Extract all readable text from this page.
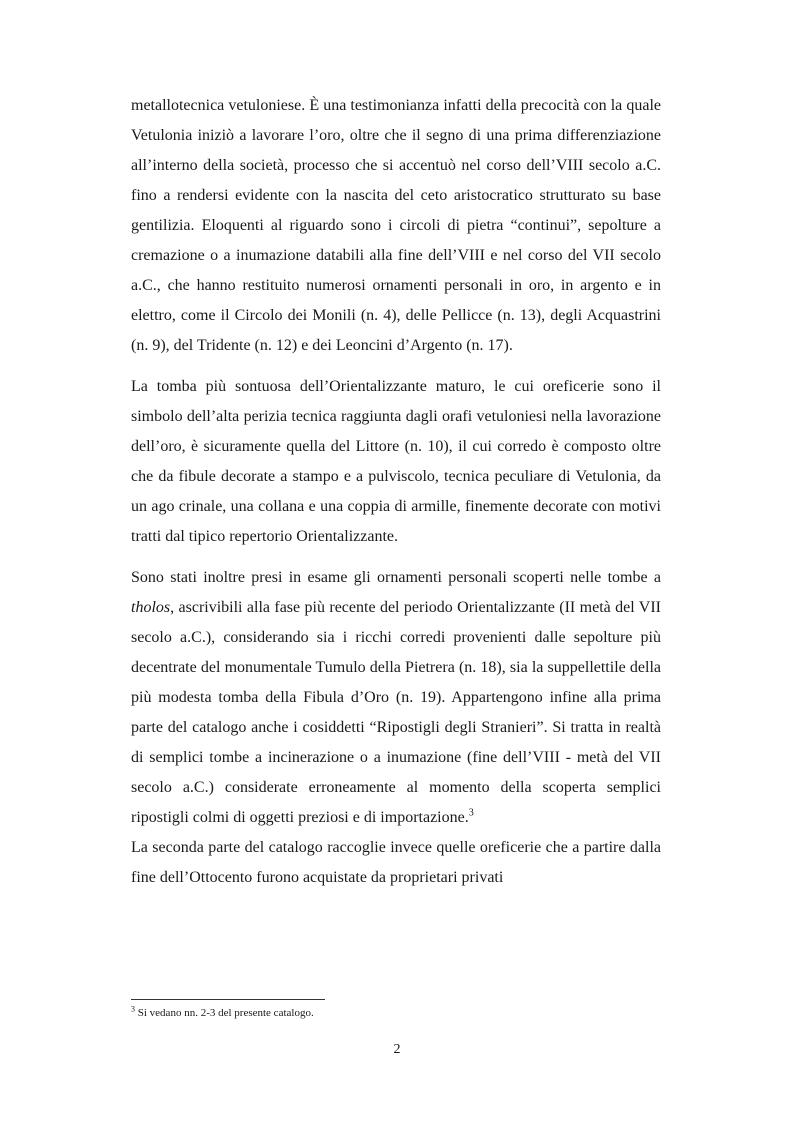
metallotecnica vetuloniese. È una testimonianza infatti della precocità con la quale Vetulonia iniziò a lavorare l’oro, oltre che il segno di una prima differenziazione all’interno della società, processo che si accentuò nel corso dell’VIII secolo a.C. fino a rendersi evidente con la nascita del ceto aristocratico strutturato su base gentilizia. Eloquenti al riguardo sono i circoli di pietra “continui”, sepolture a cremazione o a inumazione databili alla fine dell’VIII e nel corso del VII secolo a.C., che hanno restituito numerosi ornamenti personali in oro, in argento e in elettro, come il Circolo dei Monili (n. 4), delle Pellicce (n. 13), degli Acquastrini (n. 9), del Tridente (n. 12) e dei Leoncini d’Argento (n. 17).

La tomba più sontuosa dell’Orientalizzante maturo, le cui oreficerie sono il simbolo dell’alta perizia tecnica raggiunta dagli orafi vetuloniesi nella lavorazione dell’oro, è sicuramente quella del Littore (n. 10), il cui corredo è composto oltre che da fibule decorate a stampo e a pulviscolo, tecnica peculiare di Vetulonia, da un ago crinale, una collana e una coppia di armille, finemente decorate con motivi tratti dal tipico repertorio Orientalizzante.

Sono stati inoltre presi in esame gli ornamenti personali scoperti nelle tombe a tholos, ascrivibili alla fase più recente del periodo Orientalizzante (II metà del VII secolo a.C.), considerando sia i ricchi corredi provenienti dalle sepolture più decentrate del monumentale Tumulo della Pietrera (n. 18), sia la suppellettile della più modesta tomba della Fibula d’Oro (n. 19). Appartengono infine alla prima parte del catalogo anche i cosiddetti “Ripostigli degli Stranieri”. Si tratta in realtà di semplici tombe a incinerazione o a inumazione (fine dell’VIII - metà del VII secolo a.C.) considerate erroneamente al momento della scoperta semplici ripostigli colmi di oggetti preziosi e di importazione.$^3$

La seconda parte del catalogo raccoglie invece quelle oreficerie che a partire dalla fine dell’Ottocento furono acquistate da proprietari privati

$^3$ Si vedano nn. 2-3 del presente catalogo.
2
